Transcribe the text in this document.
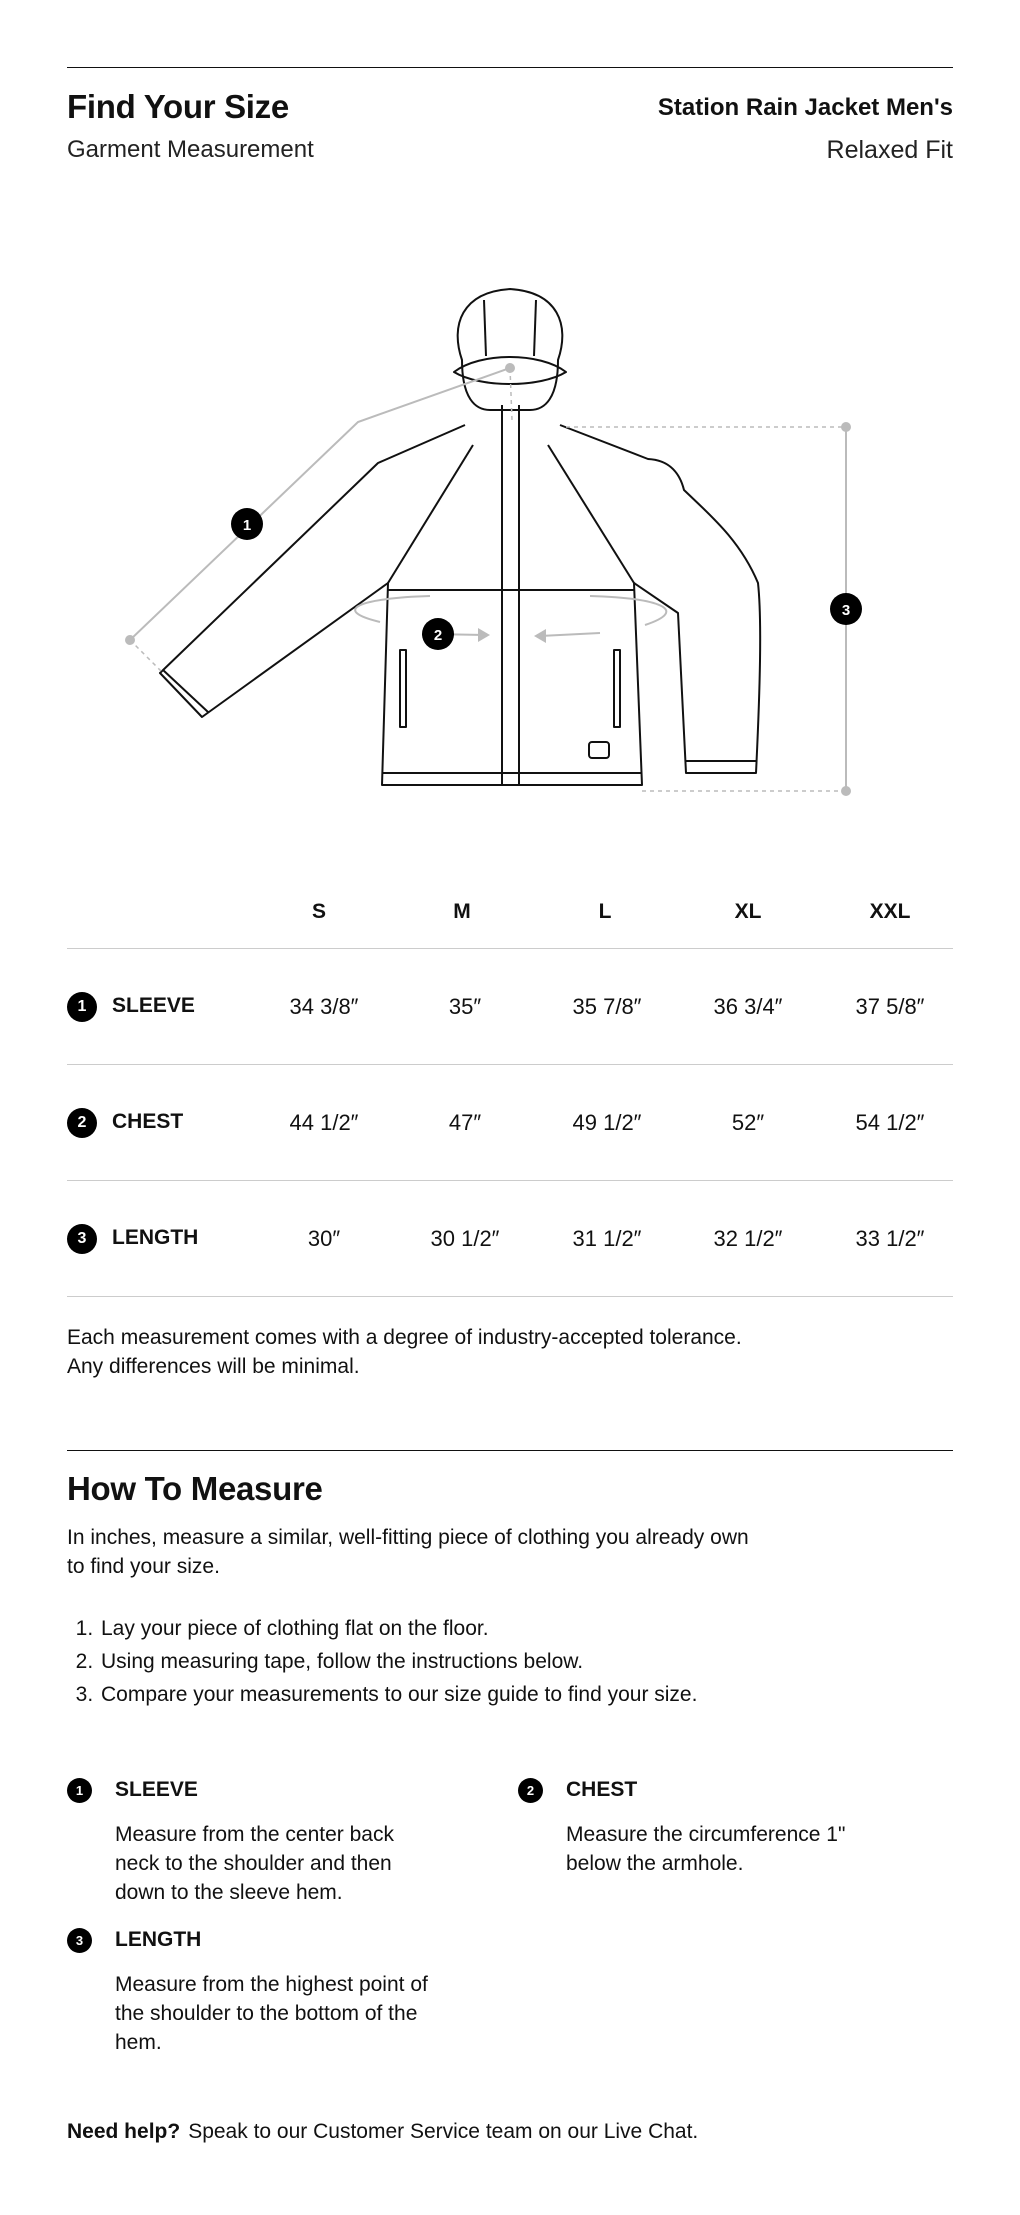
Find Your Size
Garment Measurement
Station Rain Jacket Men's
Relaxed Fit
1
2
3
S	M	L	XL	XXL
1	SLEEVE	34 3/8″	35″	35 7/8″	36 3/4″	37 5/8″
2	CHEST	44 1/2″	47″	49 1/2″	52″	54 1/2″
3	LENGTH	30″	30 1/2″	31 1/2″	32 1/2″	33 1/2″
Each measurement comes with a degree of industry-accepted tolerance.
Any differences will be minimal.
How To Measure
In inches, measure a similar, well-fitting piece of clothing you already own
to find your size.
1. Lay your piece of clothing flat on the floor.
2. Using measuring tape, follow the instructions below.
3. Compare your measurements to our size guide to find your size.
1	SLEEVE
Measure from the center back neck to the shoulder and then down to the sleeve hem.
2	CHEST
Measure the circumference 1" below the armhole.
3	LENGTH
Measure from the highest point of the shoulder to the bottom of the hem.
Need help? Speak to our Customer Service team on our Live Chat.
